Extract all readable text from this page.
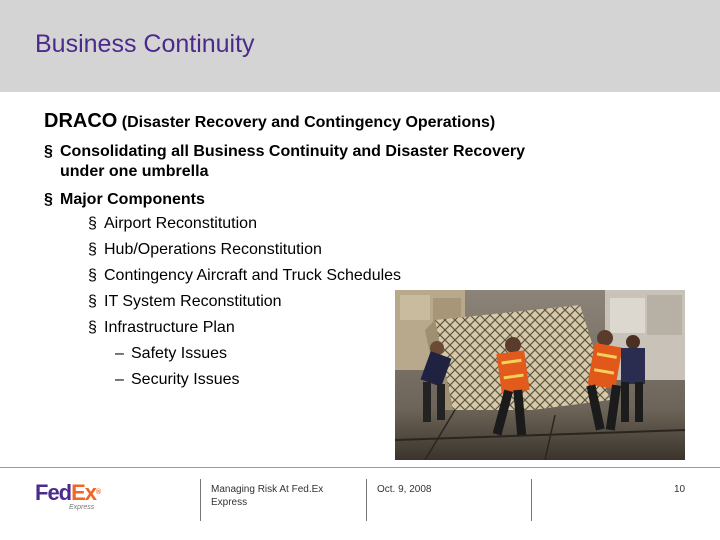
Business Continuity
DRACO (Disaster Recovery and Contingency Operations)
§ Consolidating all Business Continuity and Disaster Recovery
under one umbrella
§ Major Components
§ Airport Reconstitution
§ Hub/Operations Reconstitution
§ Contingency Aircraft and Truck Schedules
§ IT System Reconstitution
§ Infrastructure Plan
– Safety Issues
– Security Issues
FedEx®
Express
Managing Risk At Fed.Ex
Express
Oct. 9, 2008	10
